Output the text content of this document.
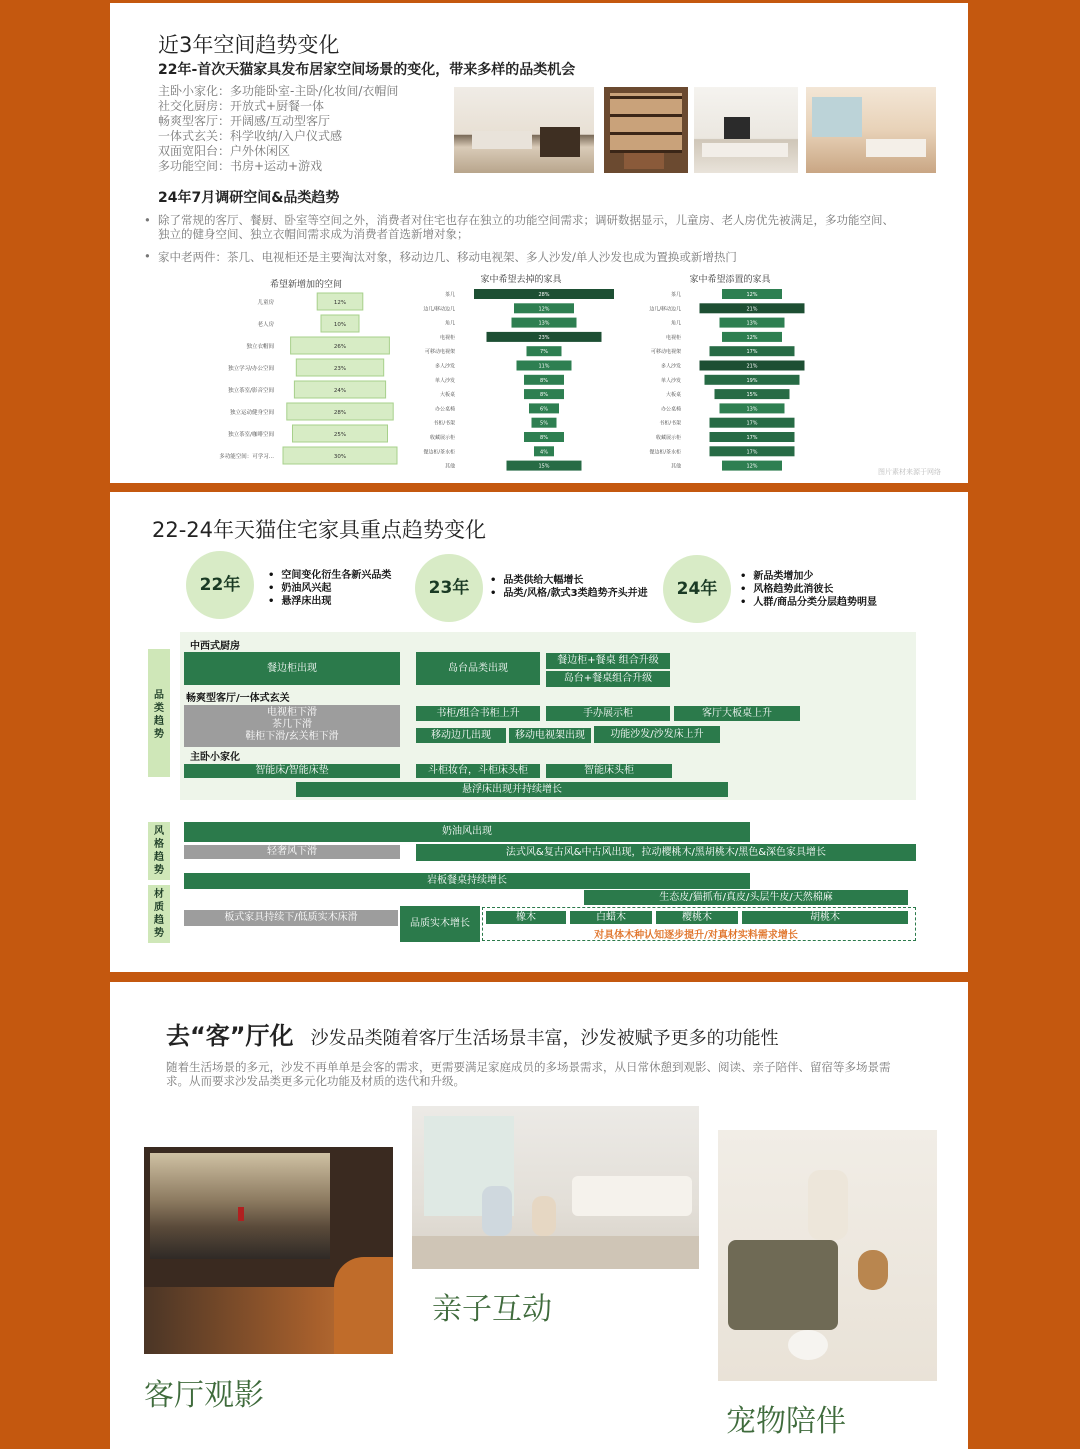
近3年空间趋势变化
22年-首次天猫家具发布居家空间场景的变化，带来多样的品类机会
主卧小家化：多功能卧室-主卧/化妆间/衣帽间
社交化厨房：开放式+厨餐一体
畅爽型客厅：开阔感/互动型客厅
一体式玄关：科学收纳/入户仪式感
双面宽阳台：户外休闲区
多功能空间：书房+运动+游戏
24年7月调研空间&品类趋势
• 除了常规的客厅、餐厨、卧室等空间之外，消费者对住宅也存在独立的功能空间需求；调研数据显示，儿童房、老人房优先被满足，多功能空间、独立的健身空间、独立衣帽间需求成为消费者首选新增对象；
• 家中老两件：茶几、电视柜还是主要淘汰对象，移动边几、移动电视架、多人沙发/单人沙发也成为置换或新增热门
希望新增加的空间
12%
儿童房
10%
老人房
26%
独立衣帽间
23%
独立学习/办公空间
24%
独立茶室/影音空间
28%
独立运动健身空间
25%
独立茶室/咖啡空间
30%
多功能空间：可学习...
家中希望去掉的家具
28%
茶几
12%
边几/移动边几
13%
角几
23%
电视柜
7%
可移动电视架
11%
多人沙发
8%
单人沙发
8%
大板桌
6%
办公桌椅
5%
书柜/书架
8%
收藏展示柜
4%
餐边柜/茶水柜
15%
其他
家中希望添置的家具
12%
茶几
21%
边几/移动边几
13%
角几
12%
电视柜
17%
可移动电视架
21%
多人沙发
19%
单人沙发
15%
大板桌
13%
办公桌椅
17%
书柜/书架
17%
收藏展示柜
17%
餐边柜/茶水柜
12%
其他
图片素材来源于网络
22-24年天猫住宅家具重点趋势变化
22年	•  空间变化衍生各新兴品类
•  奶油风兴起
•  悬浮床出现
23年	•  品类供给大幅增长
•  品类/风格/款式3类趋势齐头并进	24年
•  新品类增加少
•  风格趋势此消彼长
•  人群/商品分类分层趋势明显
品
类
趋
势
风
格
趋
势
材
质
趋
势
中西式厨房
餐边柜出现	岛台品类出现
餐边柜+餐桌 组合升级
岛台+餐桌组合升级
畅爽型客厅/一体式玄关
电视柜下滑
茶几下滑
鞋柜下滑/玄关柜下滑
书柜/组合书柜上升	手办展示柜	客厅大板桌上升
移动边几出现	移动电视架出现	功能沙发/沙发床上升
主卧小家化
智能床/智能床垫	斗柜妆台，斗柜床头柜	智能床头柜
悬浮床出现并持续增长
奶油风出现
轻奢风下滑	法式风&复古风&中古风出现，拉动樱桃木/黑胡桃木/黑色&深色家具增长
岩板餐桌持续增长
生态皮/猫抓布/真皮/头层牛皮/天然棉麻
板式家具持续下/低质实木床滑
品质实木增长
橡木	白蜡木	樱桃木	胡桃木
对具体木种认知逐步提升/对真材实料需求增长
去“客”厅化 沙发品类随着客厅生活场景丰富，沙发被赋予更多的功能性
随着生活场景的多元，沙发不再单单是会客的需求，更需要满足家庭成员的多场景需求，从日常休憩到观影、阅读、亲子陪伴、留宿等多场景需求。从而要求沙发品类更多元化功能及材质的迭代和升级。
客厅观影
亲子互动
宠物陪伴
